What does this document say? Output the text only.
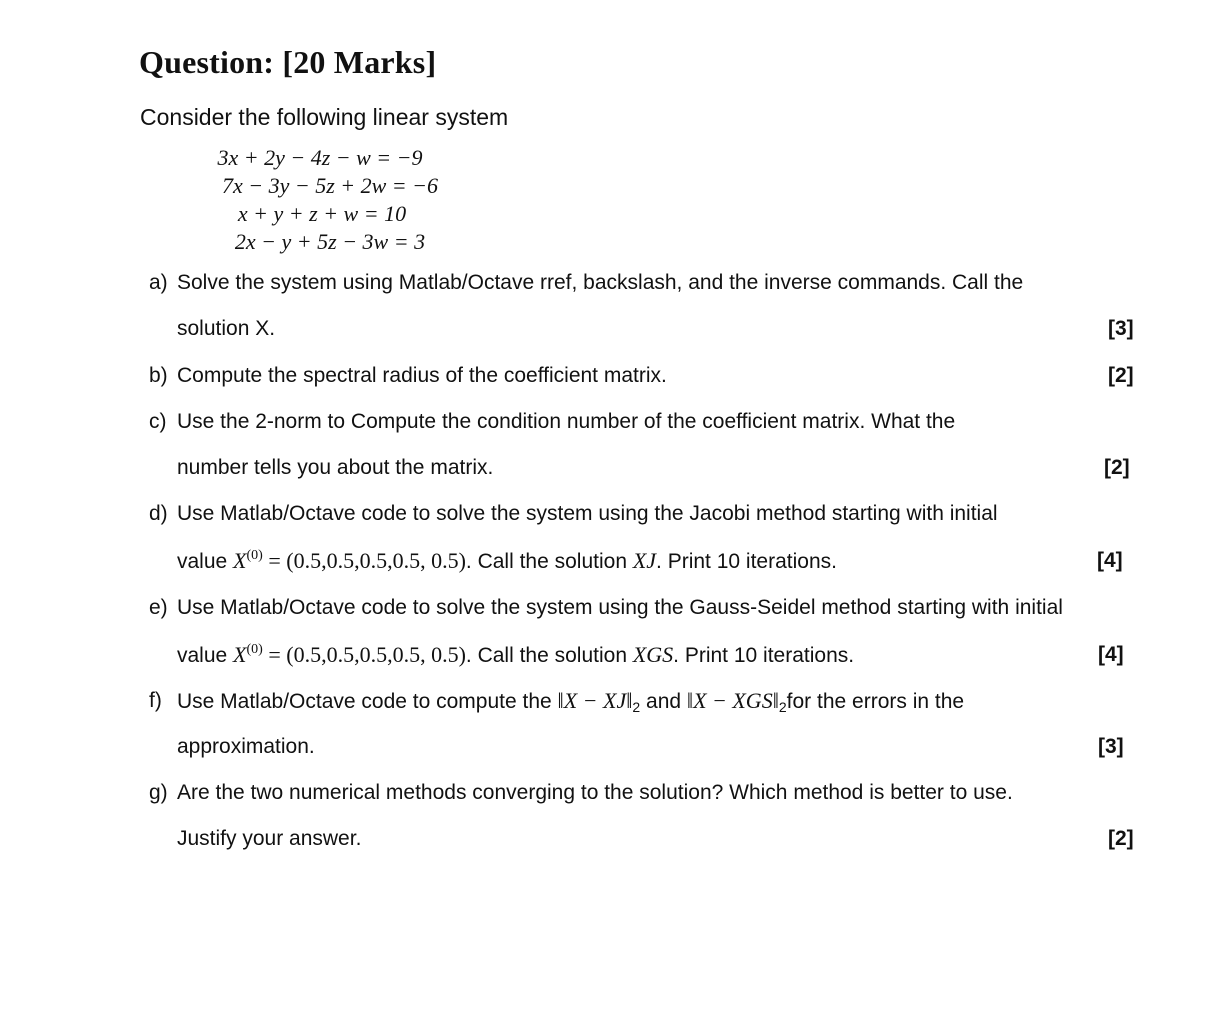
Question: [20 Marks]
Consider the following linear system
3x + 2y − 4z − w = −9
7x − 3y − 5z + 2w = −6
x + y + z + w = 10
2x − y + 5z − 3w = 3
a) Solve the system using Matlab/Octave rref, backslash, and the inverse commands. Call the
solution X.	[3]
b) Compute the spectral radius of the coefficient matrix.	[2]
c) Use the 2-norm to Compute the condition number of the coefficient matrix. What the
number tells you about the matrix.	[2]
d) Use Matlab/Octave code to solve the system using the Jacobi method starting with initial
value $X^{(0)} = (0.5,0.5,0.5,0.5$, 0.5). Call the solution XJ. Print 10 iterations.	[4]
e) Use Matlab/Octave code to solve the system using the Gauss-Seidel method starting with initial
value $X^{(0)} = (0.5,0.5,0.5,0.5$, 0.5). Call the solution XGS. Print 10 iterations.	[4]
f) Use Matlab/Octave code to compute the ‖X − $XJ‖_2$ and ‖X − $XGS‖_2for$ the errors in the
approximation.	[3]
g) Are the two numerical methods converging to the solution? Which method is better to use.
Justify your answer.	[2]
